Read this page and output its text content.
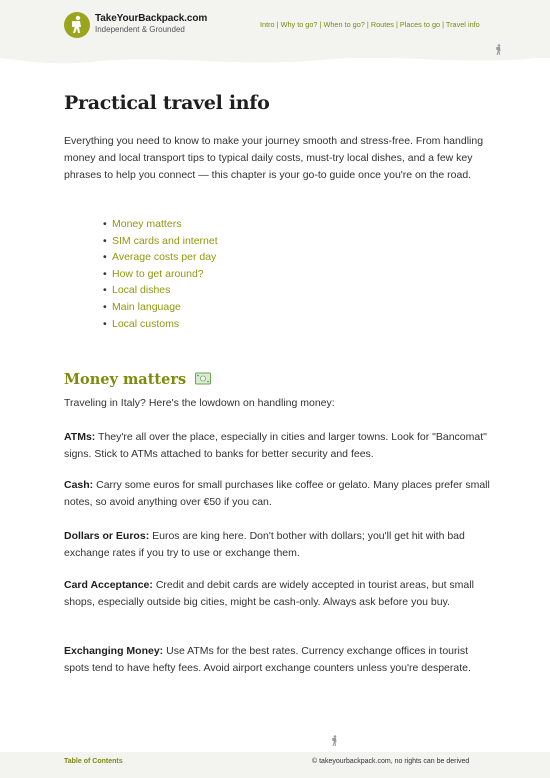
TakeYourBackpack.com
Independent & Grounded
Intro | Why to go? | When to go? | Routes | Places to go | Travel info
Practical travel info
Everything you need to know to make your journey smooth and stress-free. From handling money and local transport tips to typical daily costs, must-try local dishes, and a few key phrases to help you connect — this chapter is your go-to guide once you're on the road.
• Money matters
• SIM cards and internet
• Average costs per day
• How to get around?
• Local dishes
• Main language
• Local customs
Money matters
Traveling in Italy? Here's the lowdown on handling money:
ATMs: They're all over the place, especially in cities and larger towns. Look for "Bancomat" signs. Stick to ATMs attached to banks for better security and fees.
Cash: Carry some euros for small purchases like coffee or gelato. Many places prefer small notes, so avoid anything over €50 if you can.
Dollars or Euros: Euros are king here. Don't bother with dollars; you'll get hit with bad exchange rates if you try to use or exchange them.
Card Acceptance: Credit and debit cards are widely accepted in tourist areas, but small shops, especially outside big cities, might be cash-only. Always ask before you buy.
Exchanging Money: Use ATMs for the best rates. Currency exchange offices in tourist spots tend to have hefty fees. Avoid airport exchange counters unless you're desperate.
Table of Contents	© takeyourbackpack.com, no rights can be derived
